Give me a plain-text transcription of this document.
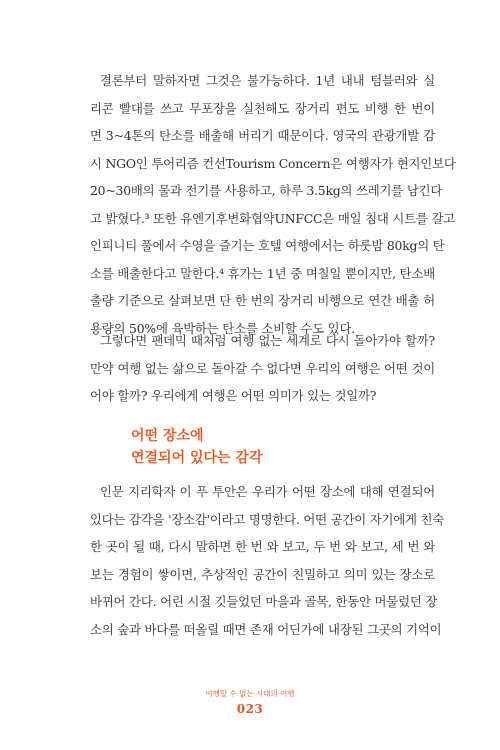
결론부터 말하자면 그것은 불가능하다. 1년 내내 텀블러와 실
리콘 빨대를 쓰고 무포장을 실천해도 장거리 편도 비행 한 번이
면 3~4톤의 탄소를 배출해 버리기 때문이다. 영국의 관광개발 감
시 NGO인 투어리즘 컨선Tourism Concern은 여행자가 현지인보다
20~30배의 물과 전기를 사용하고, 하루 3.5kg의 쓰레기를 남긴다
고 밝혔다.³ 또한 유엔기후변화협약UNFCC은 매일 침대 시트를 갈고
인피니티 풀에서 수영을 즐기는 호텔 여행에서는 하룻밤 80kg의 탄
소를 배출한다고 말한다.⁴ 휴가는 1년 중 며칠일 뿐이지만, 탄소배
출량 기준으로 살펴보면 단 한 번의 장거리 비행으로 연간 배출 허
용량의 50%에 육박하는 탄소를 소비할 수도 있다.
그렇다면 팬데믹 때처럼 여행 없는 세계로 다시 돌아가야 할까?
만약 여행 없는 삶으로 돌아갈 수 없다면 우리의 여행은 어떤 것이
어야 할까? 우리에게 여행은 어떤 의미가 있는 것일까?
어떤 장소에
연결되어 있다는 감각
인문 지리학자 이 푸 투안은 우리가 어떤 장소에 대해 연결되어
있다는 감각을 '장소감'이라고 명명한다. 어떤 공간이 자기에게 친숙
한 곳이 될 때, 다시 말하면 한 번 와 보고, 두 번 와 보고, 세 번 와
보는 경험이 쌓이면, 추상적인 공간이 친밀하고 의미 있는 장소로
바뀌어 간다. 어린 시절 깃들었던 마을과 골목, 한동안 머물렀던 장
소의 숲과 바다를 떠올릴 때면 존재 어딘가에 내장된 그곳의 기억이
여행할 수 없는 시대의 여행
023
